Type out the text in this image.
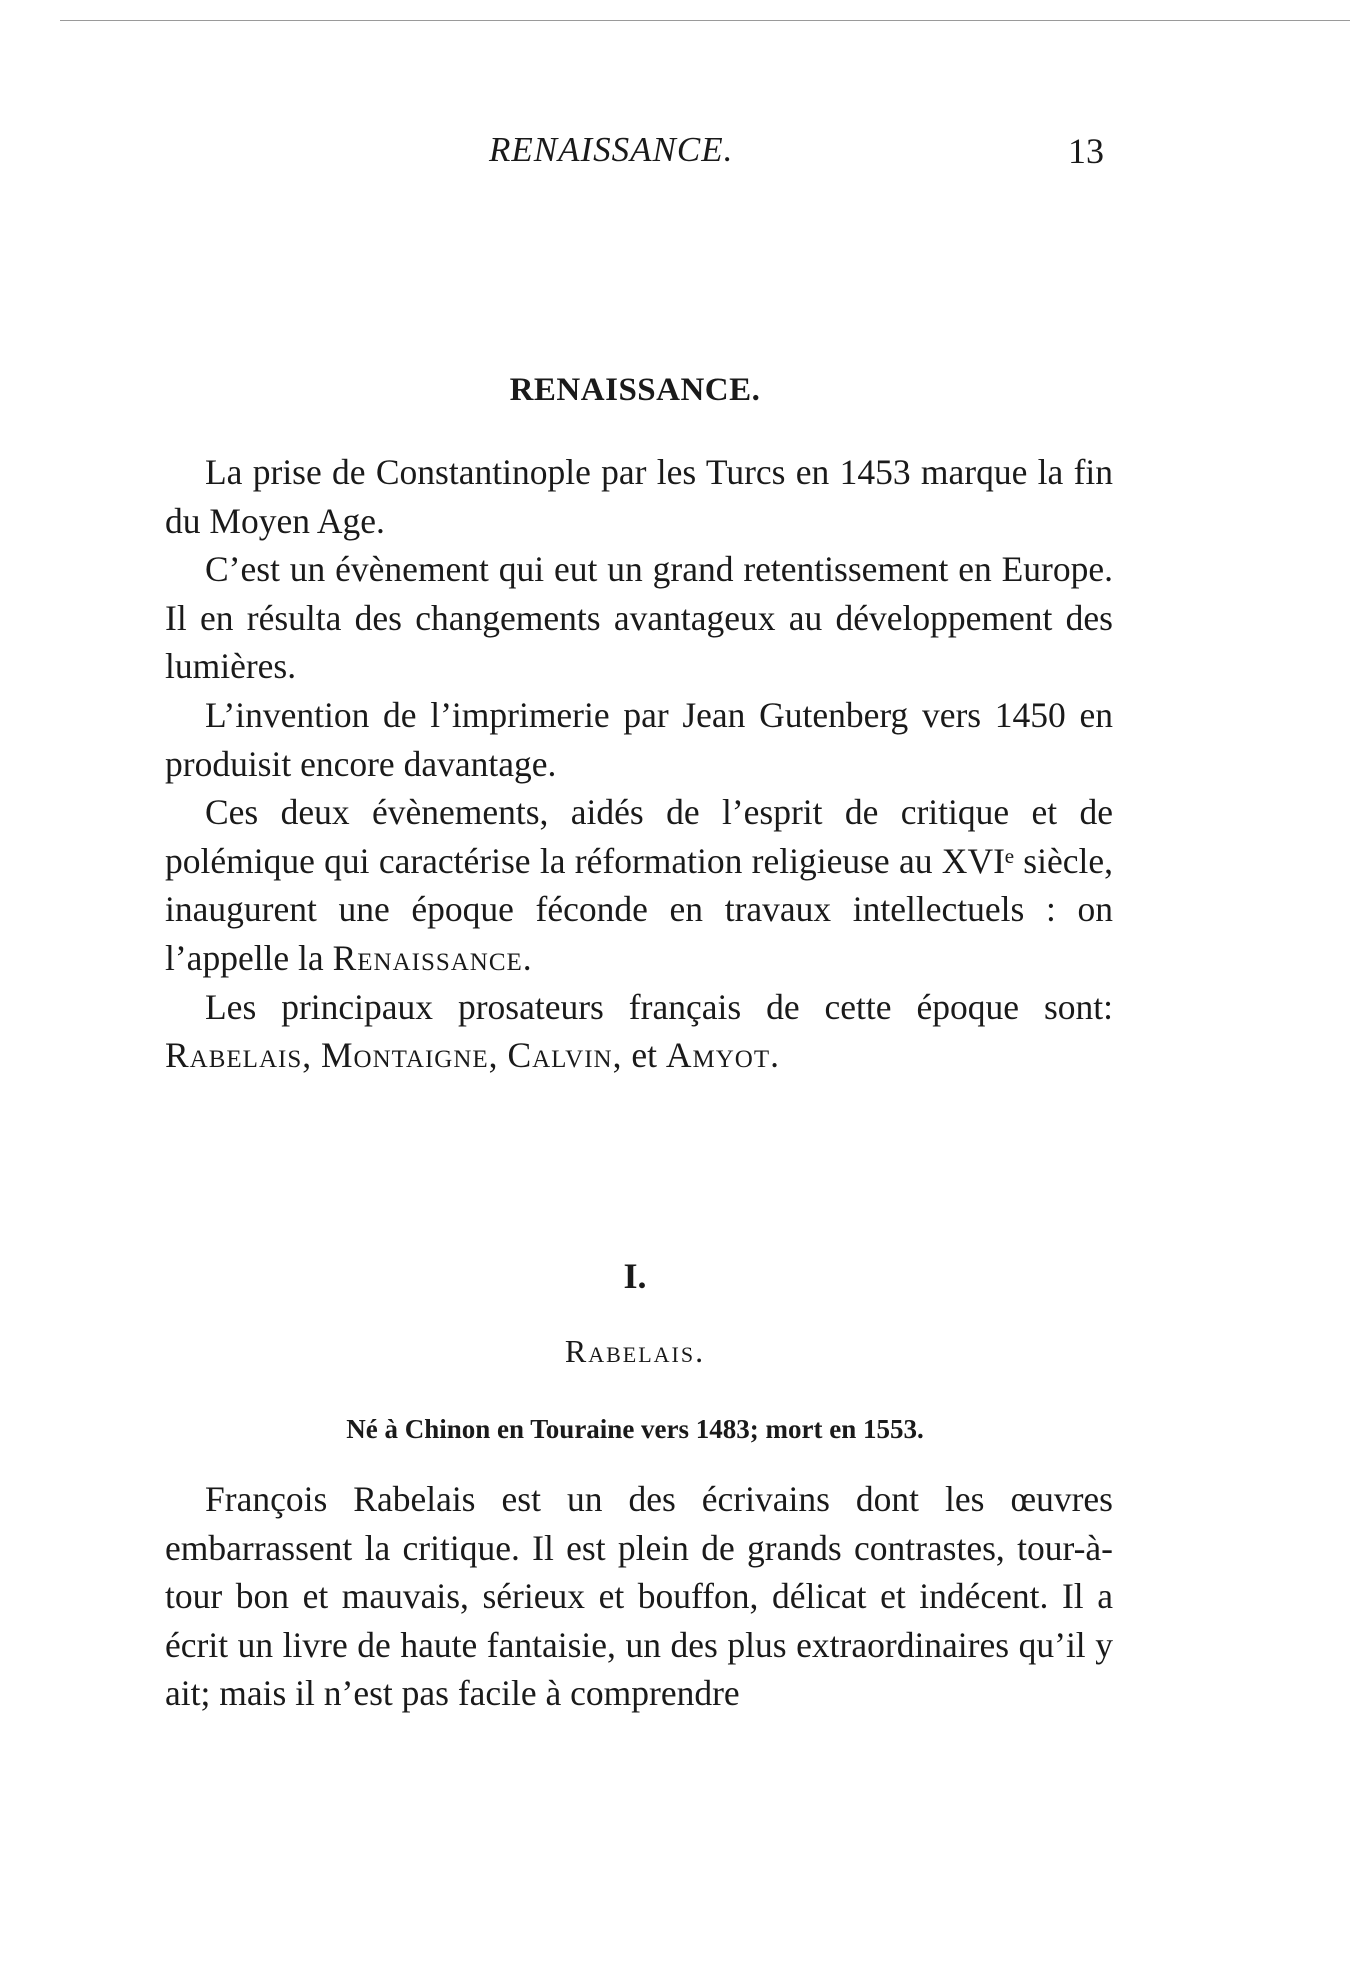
RENAISSANCE.	13
RENAISSANCE.

La prise de Constantinople par les Turcs en 1453 marque la fin du Moyen Age.

C’est un évènement qui eut un grand retentissement en Europe. Il en résulta des changements avantageux au développement des lumières.

L’invention de l’imprimerie par Jean Gutenberg vers 1450 en produisit encore davantage.

Ces deux évènements, aidés de l’esprit de critique et de polémique qui caractérise la réformation religieuse au XVIᵉ siècle, inaugurent une époque féconde en travaux intellectuels : on l’appelle la Renaissance.

Les principaux prosateurs français de cette époque sont: Rabelais, Montaigne, Calvin, et Amyot.

I.
Rabelais.
Né à Chinon en Touraine vers 1483; mort en 1553.

François Rabelais est un des écrivains dont les œuvres embarrassent la critique. Il est plein de grands contrastes, tour-à-tour bon et mauvais, sérieux et bouffon, délicat et indécent. Il a écrit un livre de haute fantaisie, un des plus extraordinaires qu’il y ait; mais il n’est pas facile à comprendre
